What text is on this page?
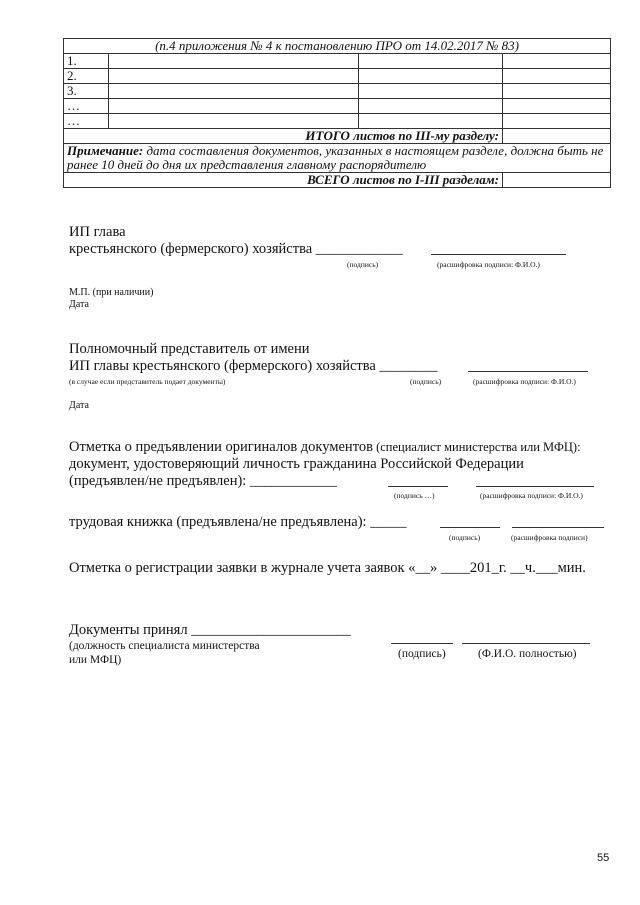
(п.4 приложения № 4 к постановлению ПРО от 14.02.2017 № 83)			
1.			
2.			
3.			
…			
…			
ИТОГО листов по III-му разделу:			
Примечание: дата составления документов, указанных в настоящем разделе, должна быть не ранее 10 дней до дня их представления главному распорядителю			
ВСЕГО листов по I-III разделам:			
ИП глава
крестьянского (фермерского) хозяйства ____________
(подпись)	(расшифровка подписи: Ф.И.О.)
М.П. (при наличии)
Дата
Полномочный представитель от имени
ИП главы крестьянского (фермерского) хозяйства ________
(в случае если представитель подает документы)	(подпись)	(расшифровка подписи: Ф.И.О.)
Дата
Отметка о предъявлении оригиналов документов (специалист министерства или МФЦ):
документ, удостоверяющий личность гражданина Российской Федерации
(предъявлен/не предъявлен): ____________
(подпись …)	(расшифровка подписи: Ф.И.О.)
трудовая книжка (предъявлена/не предъявлена): _____
(подпись)	(расшифровка подписи)
Отметка о регистрации заявки в журнале учета заявок «__» ____201_г. __ч.___мин.
Документы принял ______________________
(должность специалиста министерства
или МФЦ)	(подпись)	(Ф.И.О. полностью)
55
